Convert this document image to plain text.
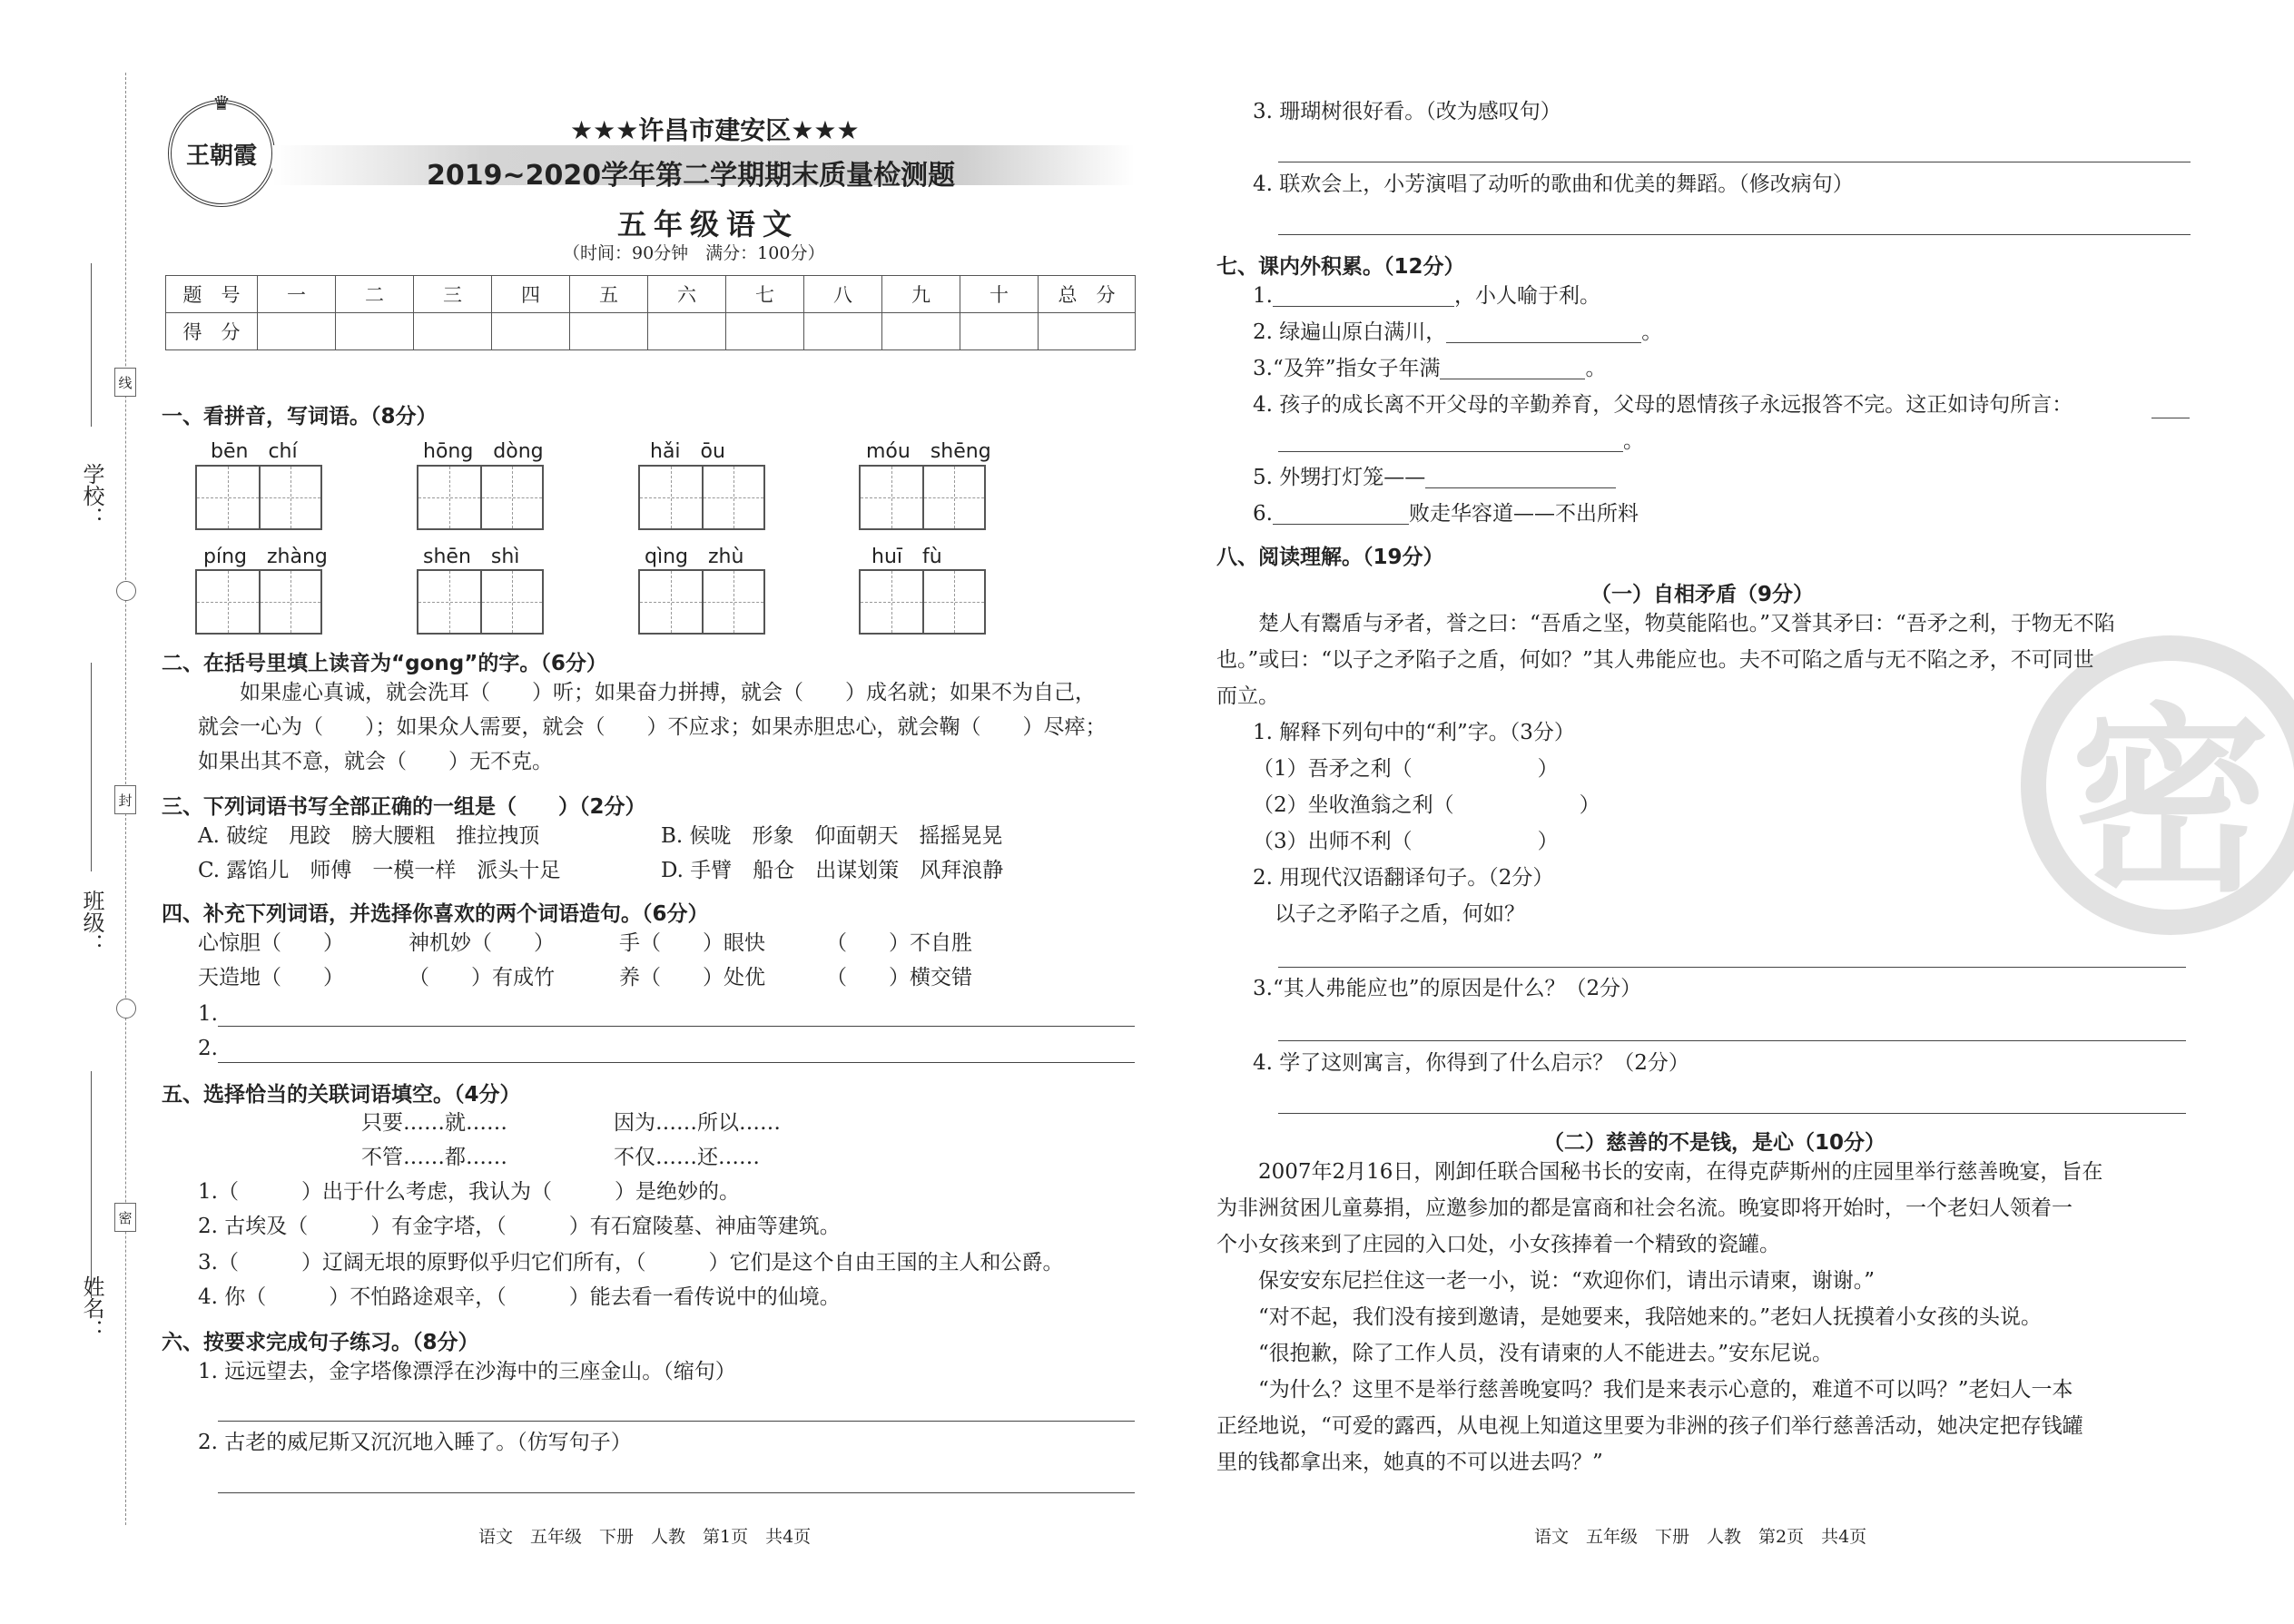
学校：
班级：
姓名：
线
封
密
♛
王朝霞
★★★许昌市建安区★★★
2019~2020学年第二学期期末质量检测题
五年级语文
（时间：90分钟　满分：100分）
题　号	一	二	三	四	五	六	七	八	九	十	总　分
得　分											
一、看拼音，写词语。（8分）
bēn　chí	hōng　dòng	hǎi　ōu	móu　shēng
píng　zhàng	shēn　shì	qìng　zhù	huī　fù
二、在括号里填上读音为“gong”的字。（6分）
　　如果虚心真诚，就会洗耳（　　）听；如果奋力拼搏，就会（　　）成名就；如果不为自己，
就会一心为（　　）；如果众人需要，就会（　　）不应求；如果赤胆忠心，就会鞠（　　）尽瘁；
如果出其不意，就会（　　）无不克。
三、下列词语书写全部正确的一组是（　　）（2分）
A. 破绽　甩跤　膀大腰粗　推拉拽顶	B. 候咙　形象　仰面朝天　摇摇晃晃
C. 露馅儿　师傅　一模一样　派头十足	D. 手臂　船仓　出谋划策　风拜浪静
四、补充下列词语，并选择你喜欢的两个词语造句。（6分）
心惊胆（　　）	神机妙（　　）	手（　　）眼快	（　　）不自胜
天造地（　　）	（　　）有成竹	养（　　）处优	（　　）横交错
1.
2.
五、选择恰当的关联词语填空。（4分）
只要……就……	因为……所以……
不管……都……	不仅……还……
1.（　　　）出于什么考虑，我认为（　　　）是绝妙的。
2. 古埃及（　　　）有金字塔，（　　　）有石窟陵墓、神庙等建筑。
3.（　　　）辽阔无垠的原野似乎归它们所有，（　　　）它们是这个自由王国的主人和公爵。
4. 你（　　　）不怕路途艰辛，（　　　）能去看一看传说中的仙境。
六、按要求完成句子练习。（8分）
1. 远远望去，金字塔像漂浮在沙海中的三座金山。（缩句）
2. 古老的威尼斯又沉沉地入睡了。（仿写句子）
语文　五年级　下册　人教　第1页　共4页
密
3. 珊瑚树很好看。（改为感叹句）
4. 联欢会上，小芳演唱了动听的歌曲和优美的舞蹈。（修改病句）
七、课内外积累。（12分）
1.	，小人喻于利。
2. 绿遍山原白满川，	。
3.“及笄”指女子年满	。
4. 孩子的成长离不开父母的辛勤养育，父母的恩情孩子永远报答不完。这正如诗句所言：
。
5. 外甥打灯笼——
6.	败走华容道——不出所料
八、阅读理解。（19分）
（一）自相矛盾（9分）
　　楚人有鬻盾与矛者，誉之曰：“吾盾之坚，物莫能陷也。”又誉其矛曰：“吾矛之利，于物无不陷
也。”或曰：“以子之矛陷子之盾，何如？”其人弗能应也。夫不可陷之盾与无不陷之矛，不可同世
而立。
1. 解释下列句中的“利”字。（3分）
（1）吾矛之利（　　　　　　）
（2）坐收渔翁之利（　　　　　　）
（3）出师不利（　　　　　　）
2. 用现代汉语翻译句子。（2分）
以子之矛陷子之盾，何如？
3.“其人弗能应也”的原因是什么？（2分）
4. 学了这则寓言，你得到了什么启示？（2分）
（二）慈善的不是钱，是心（10分）
　　2007年2月16日，刚卸任联合国秘书长的安南，在得克萨斯州的庄园里举行慈善晚宴，旨在
为非洲贫困儿童募捐，应邀参加的都是富商和社会名流。晚宴即将开始时，一个老妇人领着一
个小女孩来到了庄园的入口处，小女孩捧着一个精致的瓷罐。
　　保安安东尼拦住这一老一小，说：“欢迎你们，请出示请柬，谢谢。”
　　“对不起，我们没有接到邀请，是她要来，我陪她来的。”老妇人抚摸着小女孩的头说。
　　“很抱歉，除了工作人员，没有请柬的人不能进去。”安东尼说。
　　“为什么？这里不是举行慈善晚宴吗？我们是来表示心意的，难道不可以吗？”老妇人一本
正经地说，“可爱的露西，从电视上知道这里要为非洲的孩子们举行慈善活动，她决定把存钱罐
里的钱都拿出来，她真的不可以进去吗？”
语文　五年级　下册　人教　第2页　共4页
